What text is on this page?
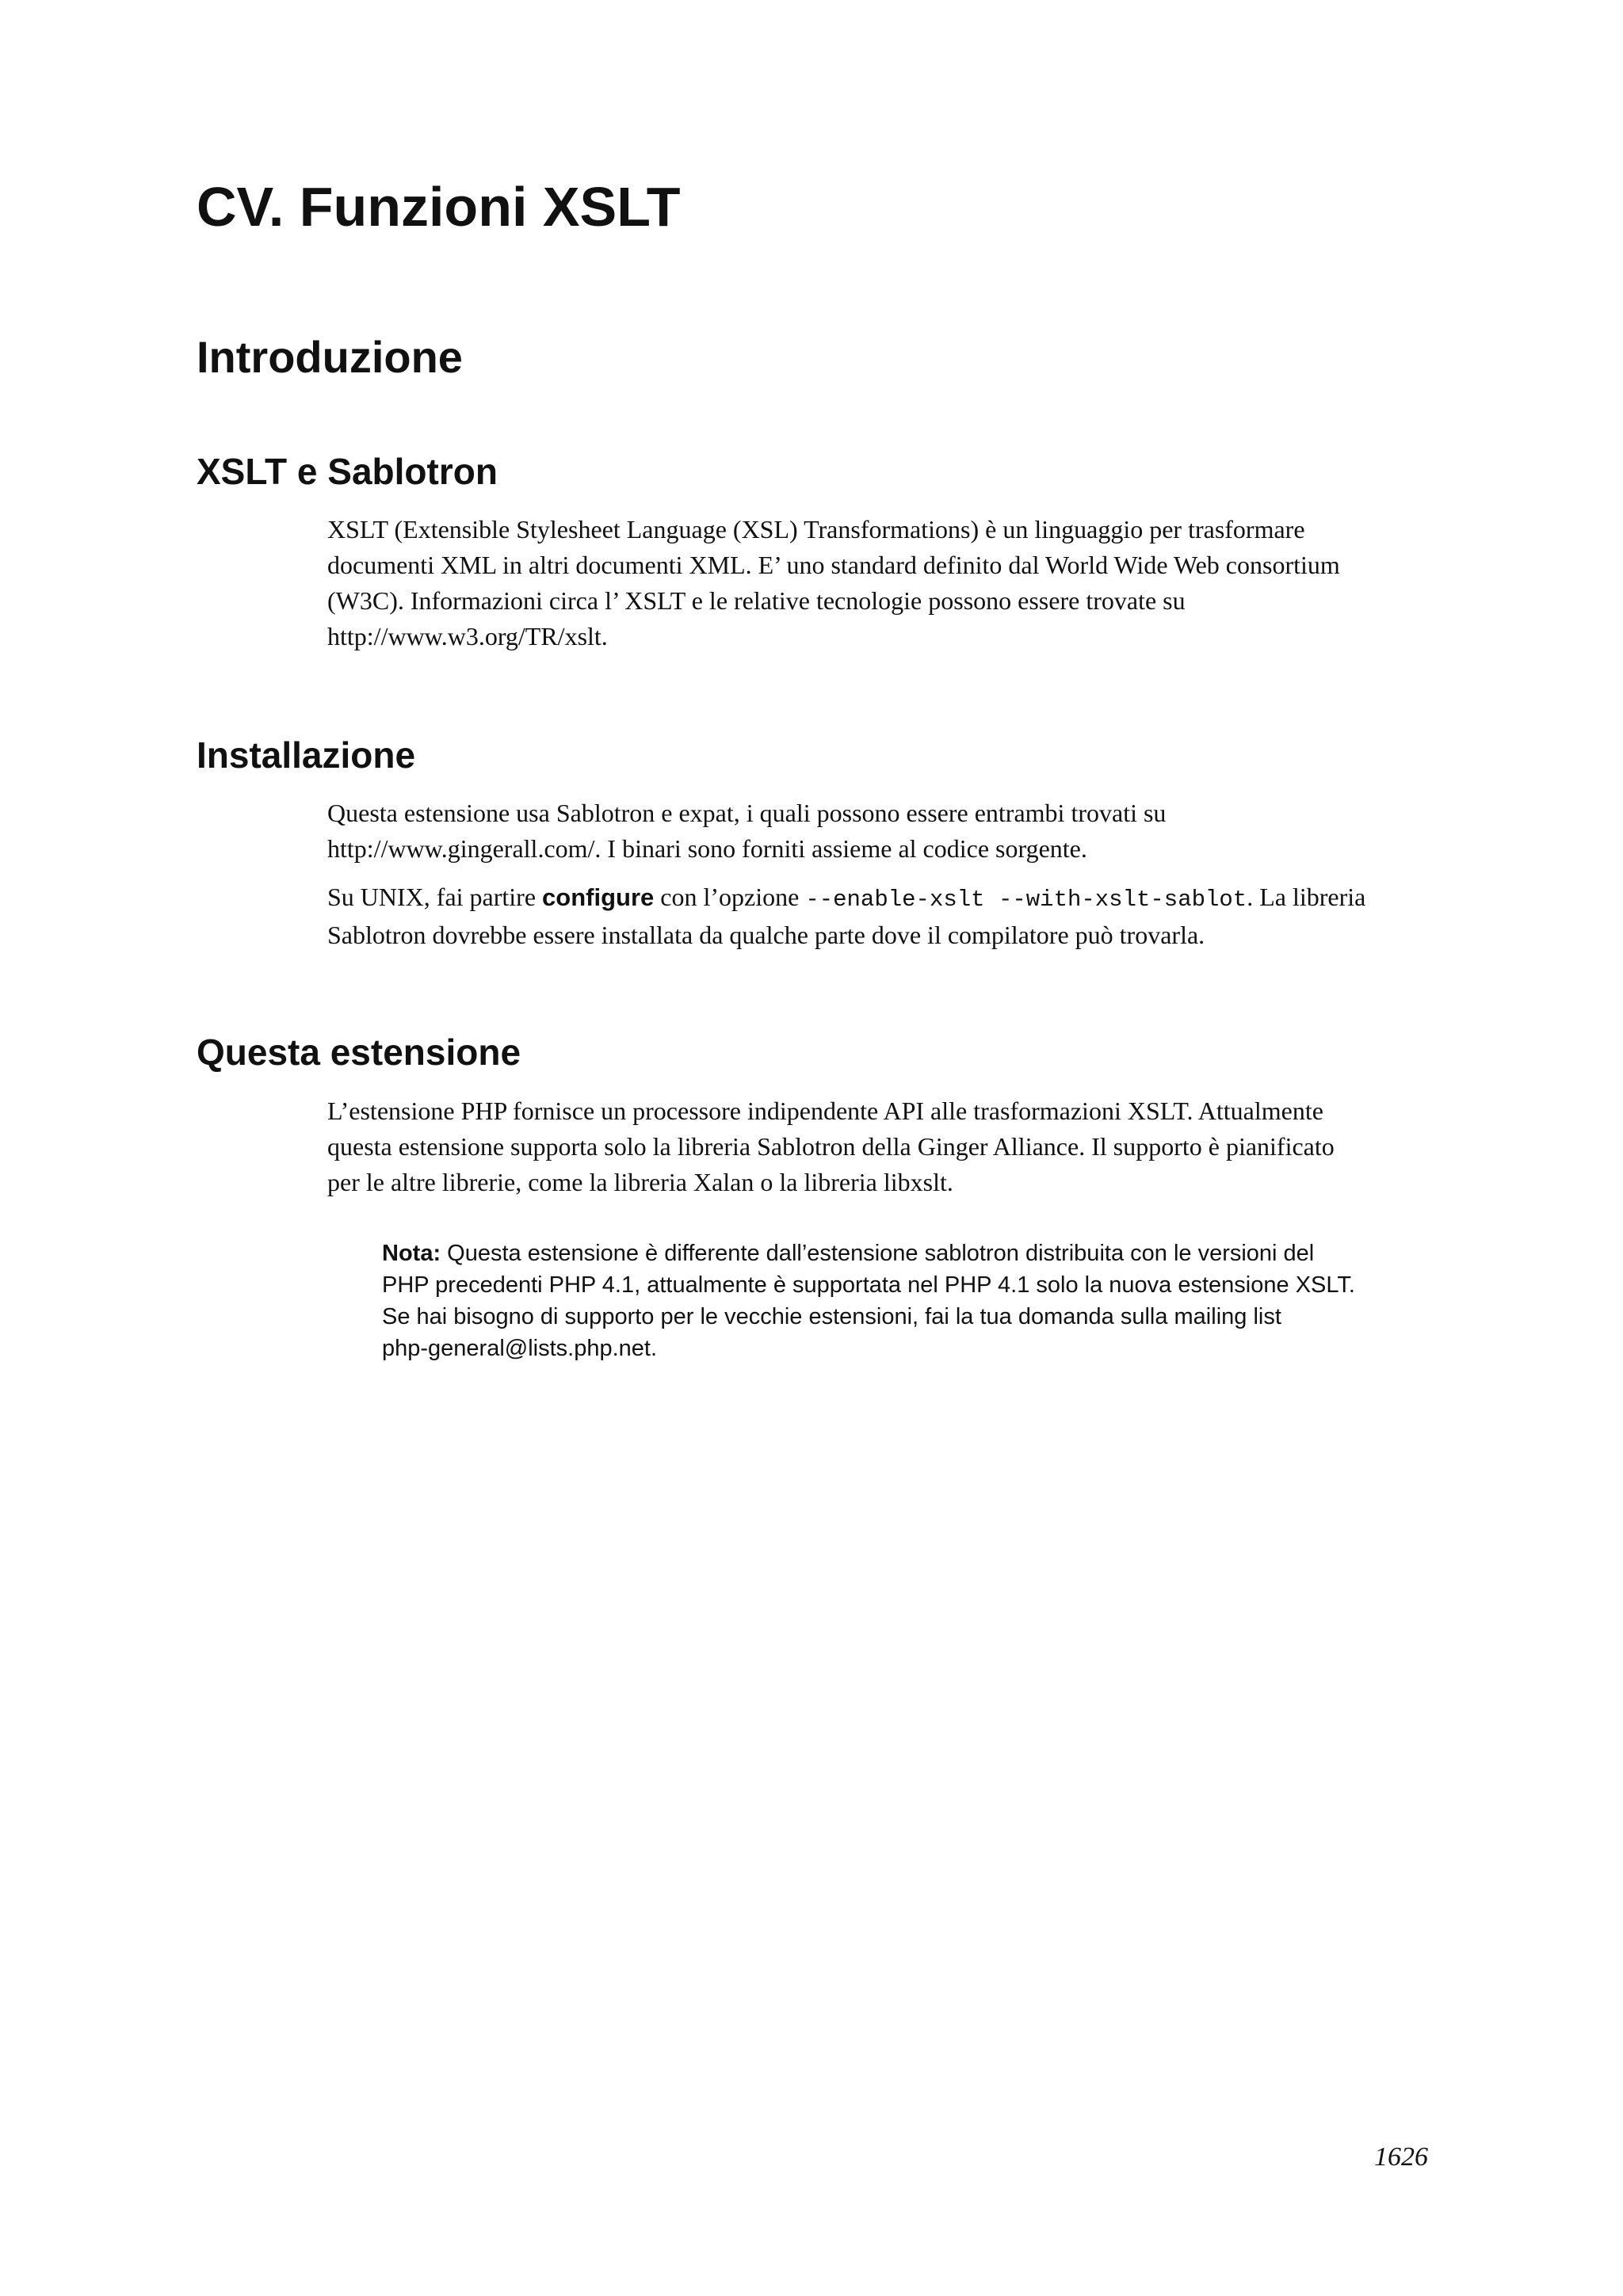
CV. Funzioni XSLT
Introduzione
XSLT e Sablotron

XSLT (Extensible Stylesheet Language (XSL) Transformations) è un linguaggio per trasformare
documenti XML in altri documenti XML. E’ uno standard definito dal World Wide Web consortium
(W3C). Informazioni circa l’ XSLT e le relative tecnologie possono essere trovate su
http://www.w3.org/TR/xslt.

Installazione

Questa estensione usa Sablotron e expat, i quali possono essere entrambi trovati su
http://www.gingerall.com/. I binari sono forniti assieme al codice sorgente.

Su UNIX, fai partire configure con l’opzione --enable-xslt --with-xslt-sablot. La libreria
Sablotron dovrebbe essere installata da qualche parte dove il compilatore può trovarla.

Questa estensione

L’estensione PHP fornisce un processore indipendente API alle trasformazioni XSLT. Attualmente
questa estensione supporta solo la libreria Sablotron della Ginger Alliance. Il supporto è pianificato
per le altre librerie, come la libreria Xalan o la libreria libxslt.

Nota: Questa estensione è differente dall’estensione sablotron distribuita con le versioni del
PHP precedenti PHP 4.1, attualmente è supportata nel PHP 4.1 solo la nuova estensione XSLT.
Se hai bisogno di supporto per le vecchie estensioni, fai la tua domanda sulla mailing list
php-general@lists.php.net.

1626
